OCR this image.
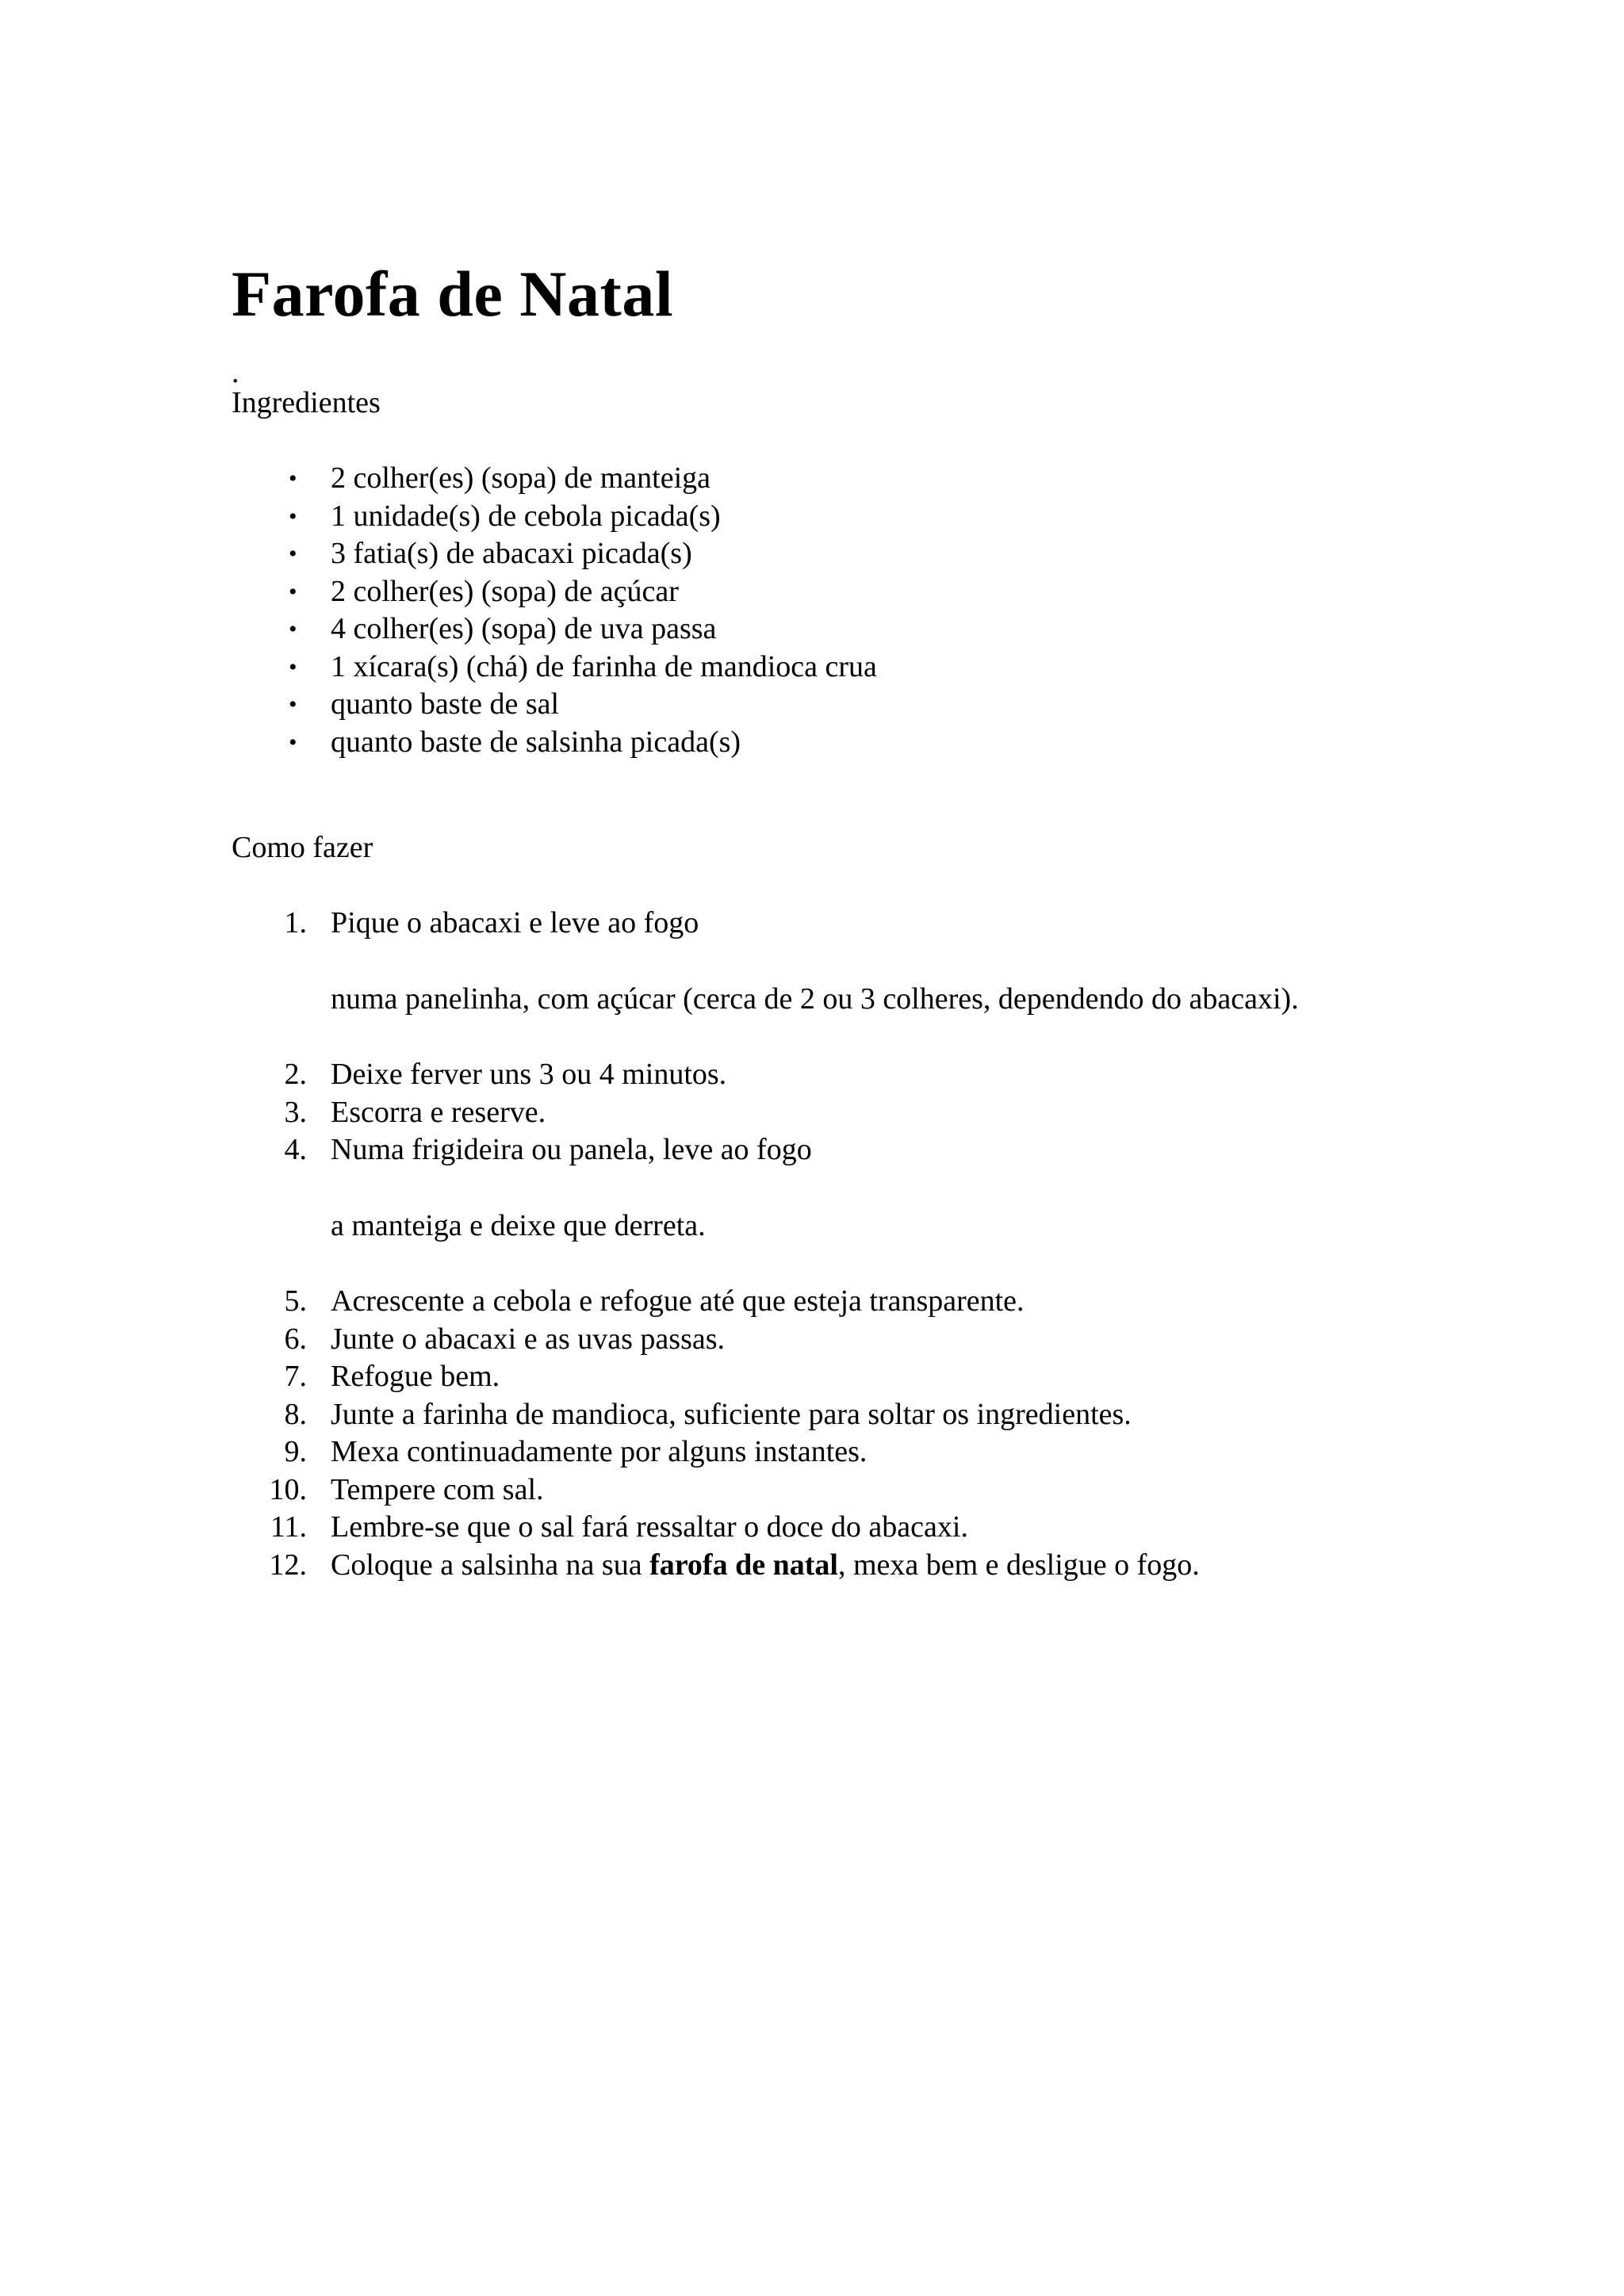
Farofa de Natal
.
Ingredientes
• 2 colher(es) (sopa) de manteiga
• 1 unidade(s) de cebola picada(s)
• 3 fatia(s) de abacaxi picada(s)
• 2 colher(es) (sopa) de açúcar
• 4 colher(es) (sopa) de uva passa
• 1 xícara(s) (chá) de farinha de mandioca crua
• quanto baste de sal
• quanto baste de salsinha picada(s)
Como fazer
1. Pique o abacaxi e leve ao fogo
numa panelinha, com açúcar (cerca de 2 ou 3 colheres, dependendo do abacaxi).
2. Deixe ferver uns 3 ou 4 minutos.
3. Escorra e reserve.
4. Numa frigideira ou panela, leve ao fogo
a manteiga e deixe que derreta.
5. Acrescente a cebola e refogue até que esteja transparente.
6. Junte o abacaxi e as uvas passas.
7. Refogue bem.
8. Junte a farinha de mandioca, suficiente para soltar os ingredientes.
9. Mexa continuadamente por alguns instantes.
10. Tempere com sal.
11. Lembre-se que o sal fará ressaltar o doce do abacaxi.
12. Coloque a salsinha na sua farofa de natal, mexa bem e desligue o fogo.
